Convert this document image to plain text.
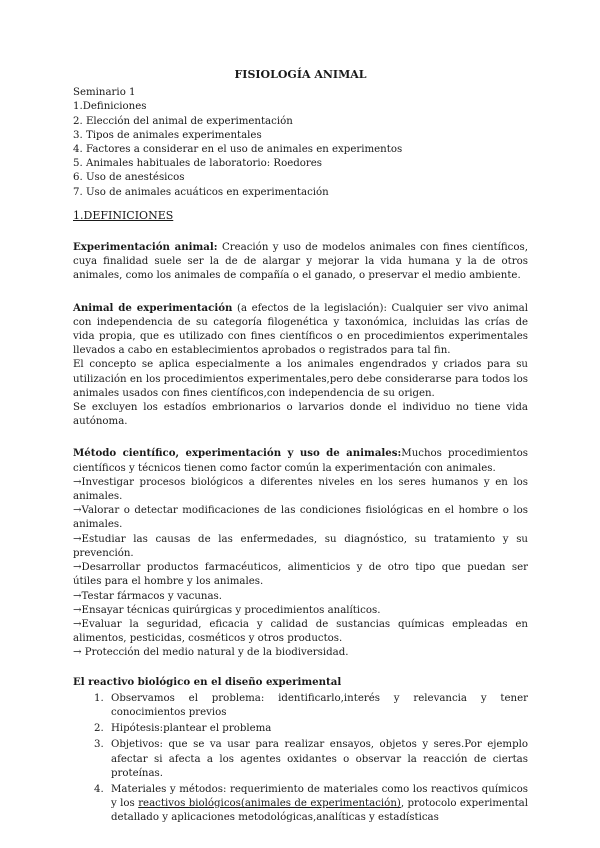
FISIOLOGÍA ANIMAL
Seminario 1
1.Definiciones
2. Elección del animal de experimentación
3. Tipos de animales experimentales
4. Factores a considerar en el uso de animales en experimentos
5. Animales habituales de laboratorio: Roedores
6. Uso de anestésicos
7. Uso de animales acuáticos en experimentación
1.DEFINICIONES

Experimentación animal: Creación y uso de modelos animales con fines científicos, cuya finalidad suele ser la de de alargar y mejorar la vida humana y la de otros animales, como los animales de compañía o el ganado, o preservar el medio ambiente.

Animal de experimentación (a efectos de la legislación): Cualquier ser vivo animal con independencia de su categoría filogenética y taxonómica, incluidas las crías de vida propia, que es utilizado con fines científicos o en procedimientos experimentales llevados a cabo en establecimientos aprobados o registrados para tal fin.

El concepto se aplica especialmente a los animales engendrados y criados para su utilización en los procedimientos experimentales,pero debe considerarse para todos los animales usados con fines científicos,con independencia de su origen.

Se excluyen los estadíos embrionarios o larvarios donde el individuo no tiene vida autónoma.

Método científico, experimentación y uso de animales:Muchos procedimientos científicos y técnicos tienen como factor común la experimentación con animales.

→Investigar procesos biológicos a diferentes niveles en los seres humanos y en los animales.

→Valorar o detectar modificaciones de las condiciones fisiológicas en el hombre o los animales.

→Estudiar las causas de las enfermedades, su diagnóstico, su tratamiento y su prevención.

→Desarrollar productos farmacéuticos, alimenticios y de otro tipo que puedan ser útiles para el hombre y los animales.

→Testar fármacos y vacunas.

→Ensayar técnicas quirúrgicas y procedimientos analíticos.

→Evaluar la seguridad, eficacia y calidad de sustancias químicas empleadas en alimentos, pesticidas, cosméticos y otros productos.

→ Protección del medio natural y de la biodiversidad.

El reactivo biológico en el diseño experimental

1. Observamos el problema: identificarlo,interés y relevancia y tener conocimientos previos
2. Hipótesis:plantear el problema
3. Objetivos: que se va usar para realizar ensayos, objetos y seres.Por ejemplo afectar si afecta a los agentes oxidantes o observar la reacción de ciertas proteínas.
4. Materiales y métodos: requerimiento de materiales como los reactivos químicos y los reactivos biológicos(animales de experimentación), protocolo experimental detallado y aplicaciones metodológicas,analíticas y estadísticas
